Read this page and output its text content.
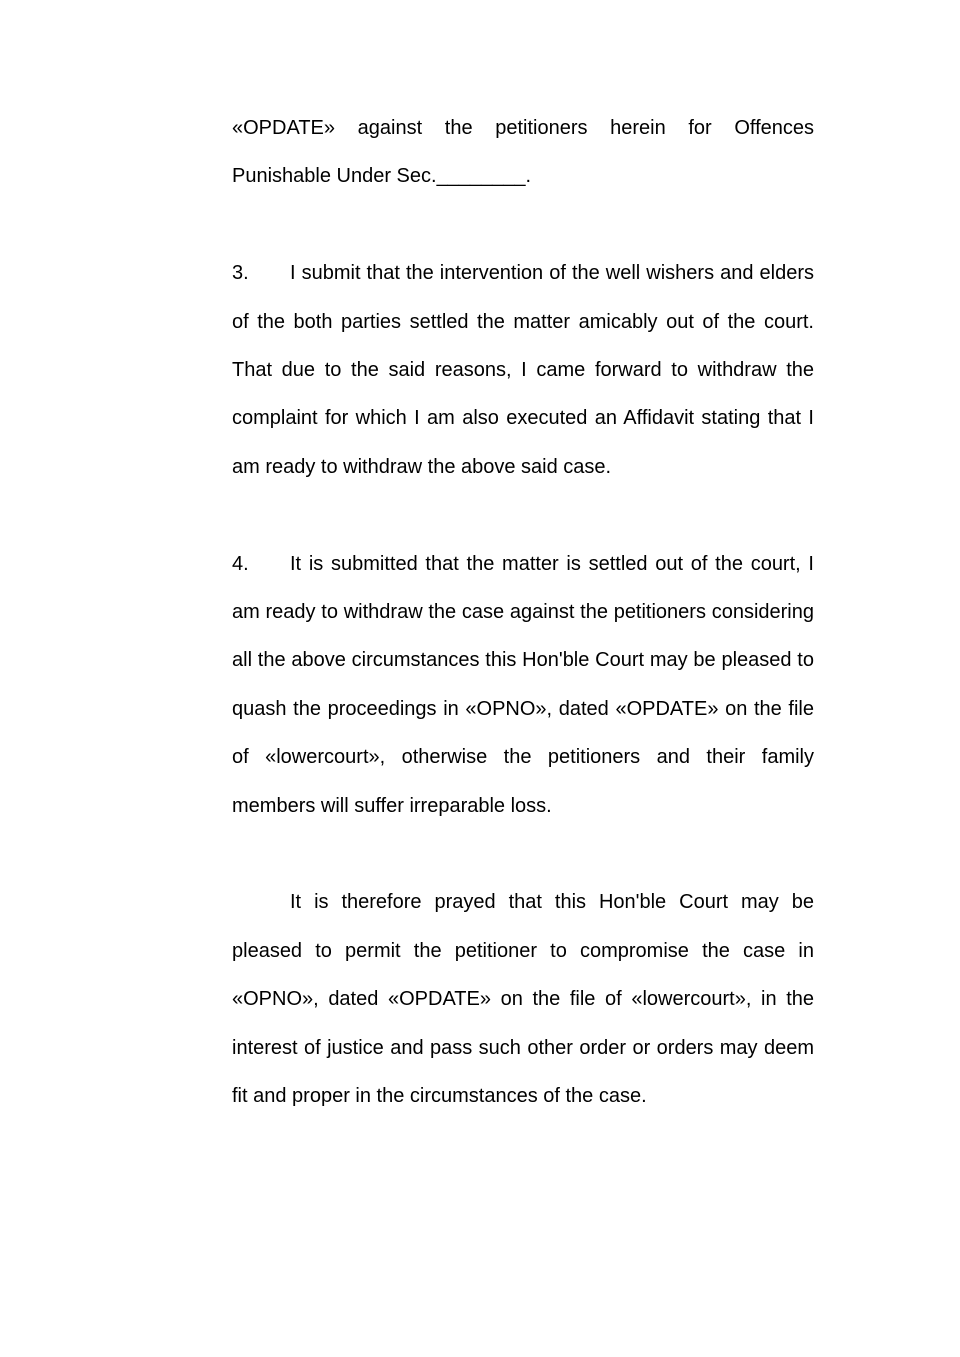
«OPDATE» against the petitioners herein for Offences Punishable Under Sec.________.

3. I submit that the intervention of the well wishers and elders of the both parties settled the matter amicably out of the court. That due to the said reasons, I came forward to withdraw the complaint for which I am also executed an Affidavit stating that I am ready to withdraw the above said case.

4. It is submitted that the matter is settled out of the court, I am ready to withdraw the case against the petitioners considering all the above circumstances this Hon'ble Court may be pleased to quash the proceedings in «OPNO», dated «OPDATE» on the file of «lowercourt», otherwise the petitioners and their family members will suffer irreparable loss.

It is therefore prayed that this Hon'ble Court may be pleased to permit the petitioner to compromise the case in «OPNO», dated «OPDATE» on the file of «lowercourt», in the interest of justice and pass such other order or orders may deem fit and proper in the circumstances of the case.
